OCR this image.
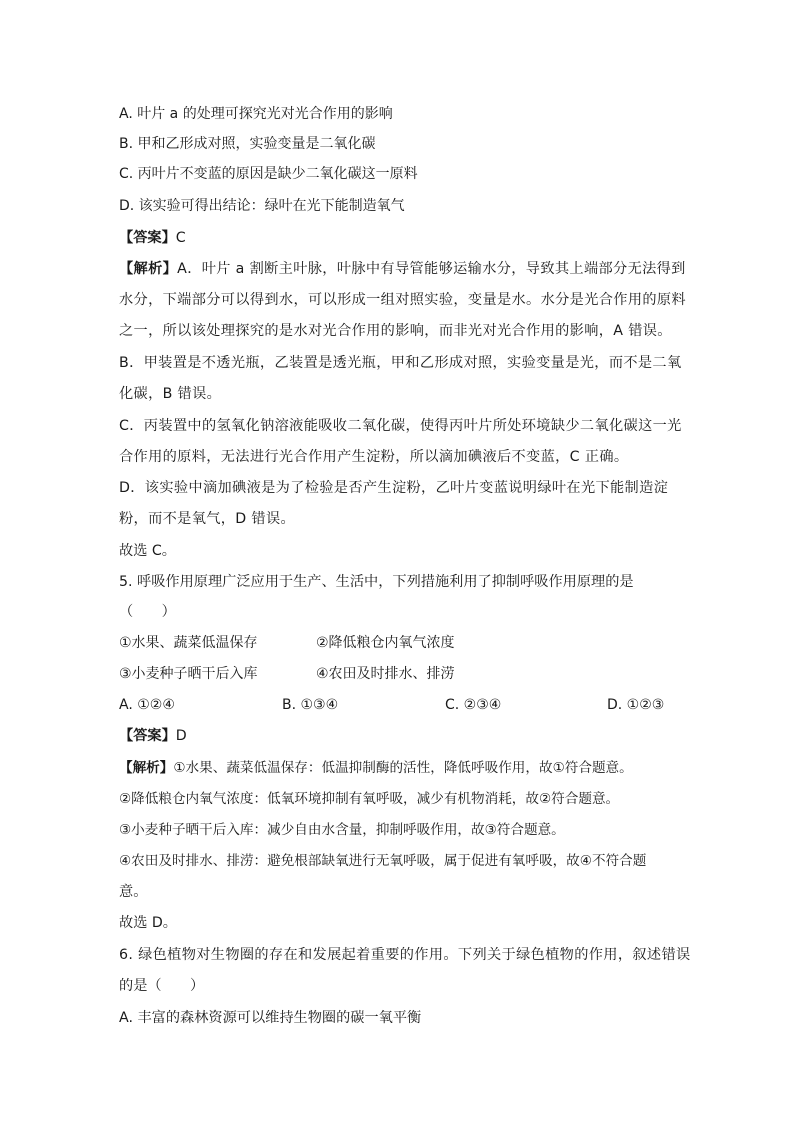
A. 叶片 a 的处理可探究光对光合作用的影响
B. 甲和乙形成对照，实验变量是二氧化碳
C. 丙叶片不变蓝的原因是缺少二氧化碳这一原料
D. 该实验可得出结论：绿叶在光下能制造氧气
【答案】C
【解析】A．叶片 a 割断主叶脉，叶脉中有导管能够运输水分，导致其上端部分无法得到
水分，下端部分可以得到水，可以形成一组对照实验，变量是水。水分是光合作用的原料
之一，所以该处理探究的是水对光合作用的影响，而非光对光合作用的影响，A 错误。
B．甲装置是不透光瓶，乙装置是透光瓶，甲和乙形成对照，实验变量是光，而不是二氧
化碳，B 错误。
C．丙装置中的氢氧化钠溶液能吸收二氧化碳，使得丙叶片所处环境缺少二氧化碳这一光
合作用的原料，无法进行光合作用产生淀粉，所以滴加碘液后不变蓝，C 正确。
D．该实验中滴加碘液是为了检验是否产生淀粉，乙叶片变蓝说明绿叶在光下能制造淀
粉，而不是氧气，D 错误。
故选 C。
5. 呼吸作用原理广泛应用于生产、生活中，下列措施利用了抑制呼吸作用原理的是
（　　）
①水果、蔬菜低温保存	②降低粮仓内氧气浓度
③小麦种子晒干后入库	④农田及时排水、排涝
A. ①②④	B. ①③④	C. ②③④	D. ①②③
【答案】D
【解析】①水果、蔬菜低温保存：低温抑制酶的活性，降低呼吸作用，故①符合题意。
②降低粮仓内氧气浓度：低氧环境抑制有氧呼吸，减少有机物消耗，故②符合题意。
③小麦种子晒干后入库：减少自由水含量，抑制呼吸作用，故③符合题意。
④农田及时排水、排涝：避免根部缺氧进行无氧呼吸，属于促进有氧呼吸，故④不符合题
意。
故选 D。
6. 绿色植物对生物圈的存在和发展起着重要的作用。下列关于绿色植物的作用，叙述错误
的是（　　）
A. 丰富的森林资源可以维持生物圈的碳一氧平衡
